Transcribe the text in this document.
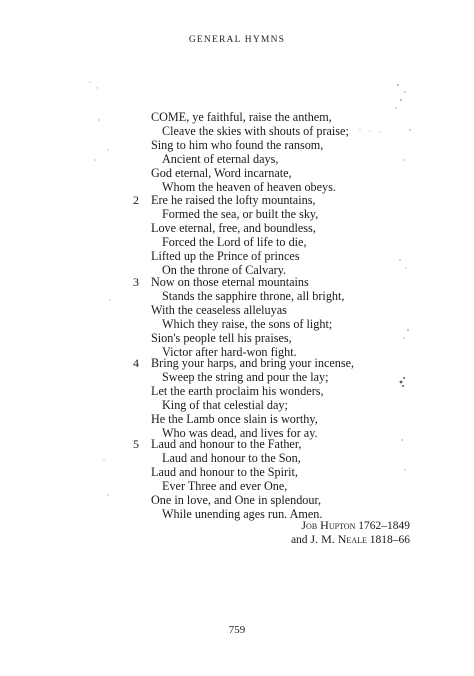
GENERAL HYMNS
COME, ye faithful, raise the anthem,
Cleave the skies with shouts of praise;
Sing to him who found the ransom,
Ancient of eternal days,
God eternal, Word incarnate,
Whom the heaven of heaven obeys.
2 Ere he raised the lofty mountains,
Formed the sea, or built the sky,
Love eternal, free, and boundless,
Forced the Lord of life to die,
Lifted up the Prince of princes
On the throne of Calvary.
3 Now on those eternal mountains
Stands the sapphire throne, all bright,
With the ceaseless alleluyas
Which they raise, the sons of light;
Sion's people tell his praises,
Victor after hard-won fight.
4 Bring your harps, and bring your incense,
Sweep the string and pour the lay;
Let the earth proclaim his wonders,
King of that celestial day;
He the Lamb once slain is worthy,
Who was dead, and lives for ay.
5 Laud and honour to the Father,
Laud and honour to the Son,
Laud and honour to the Spirit,
Ever Three and ever One,
One in love, and One in splendour,
While unending ages run. Amen.
Job Hupton 1762–1849
and J. M. Neale 1818–66
759
